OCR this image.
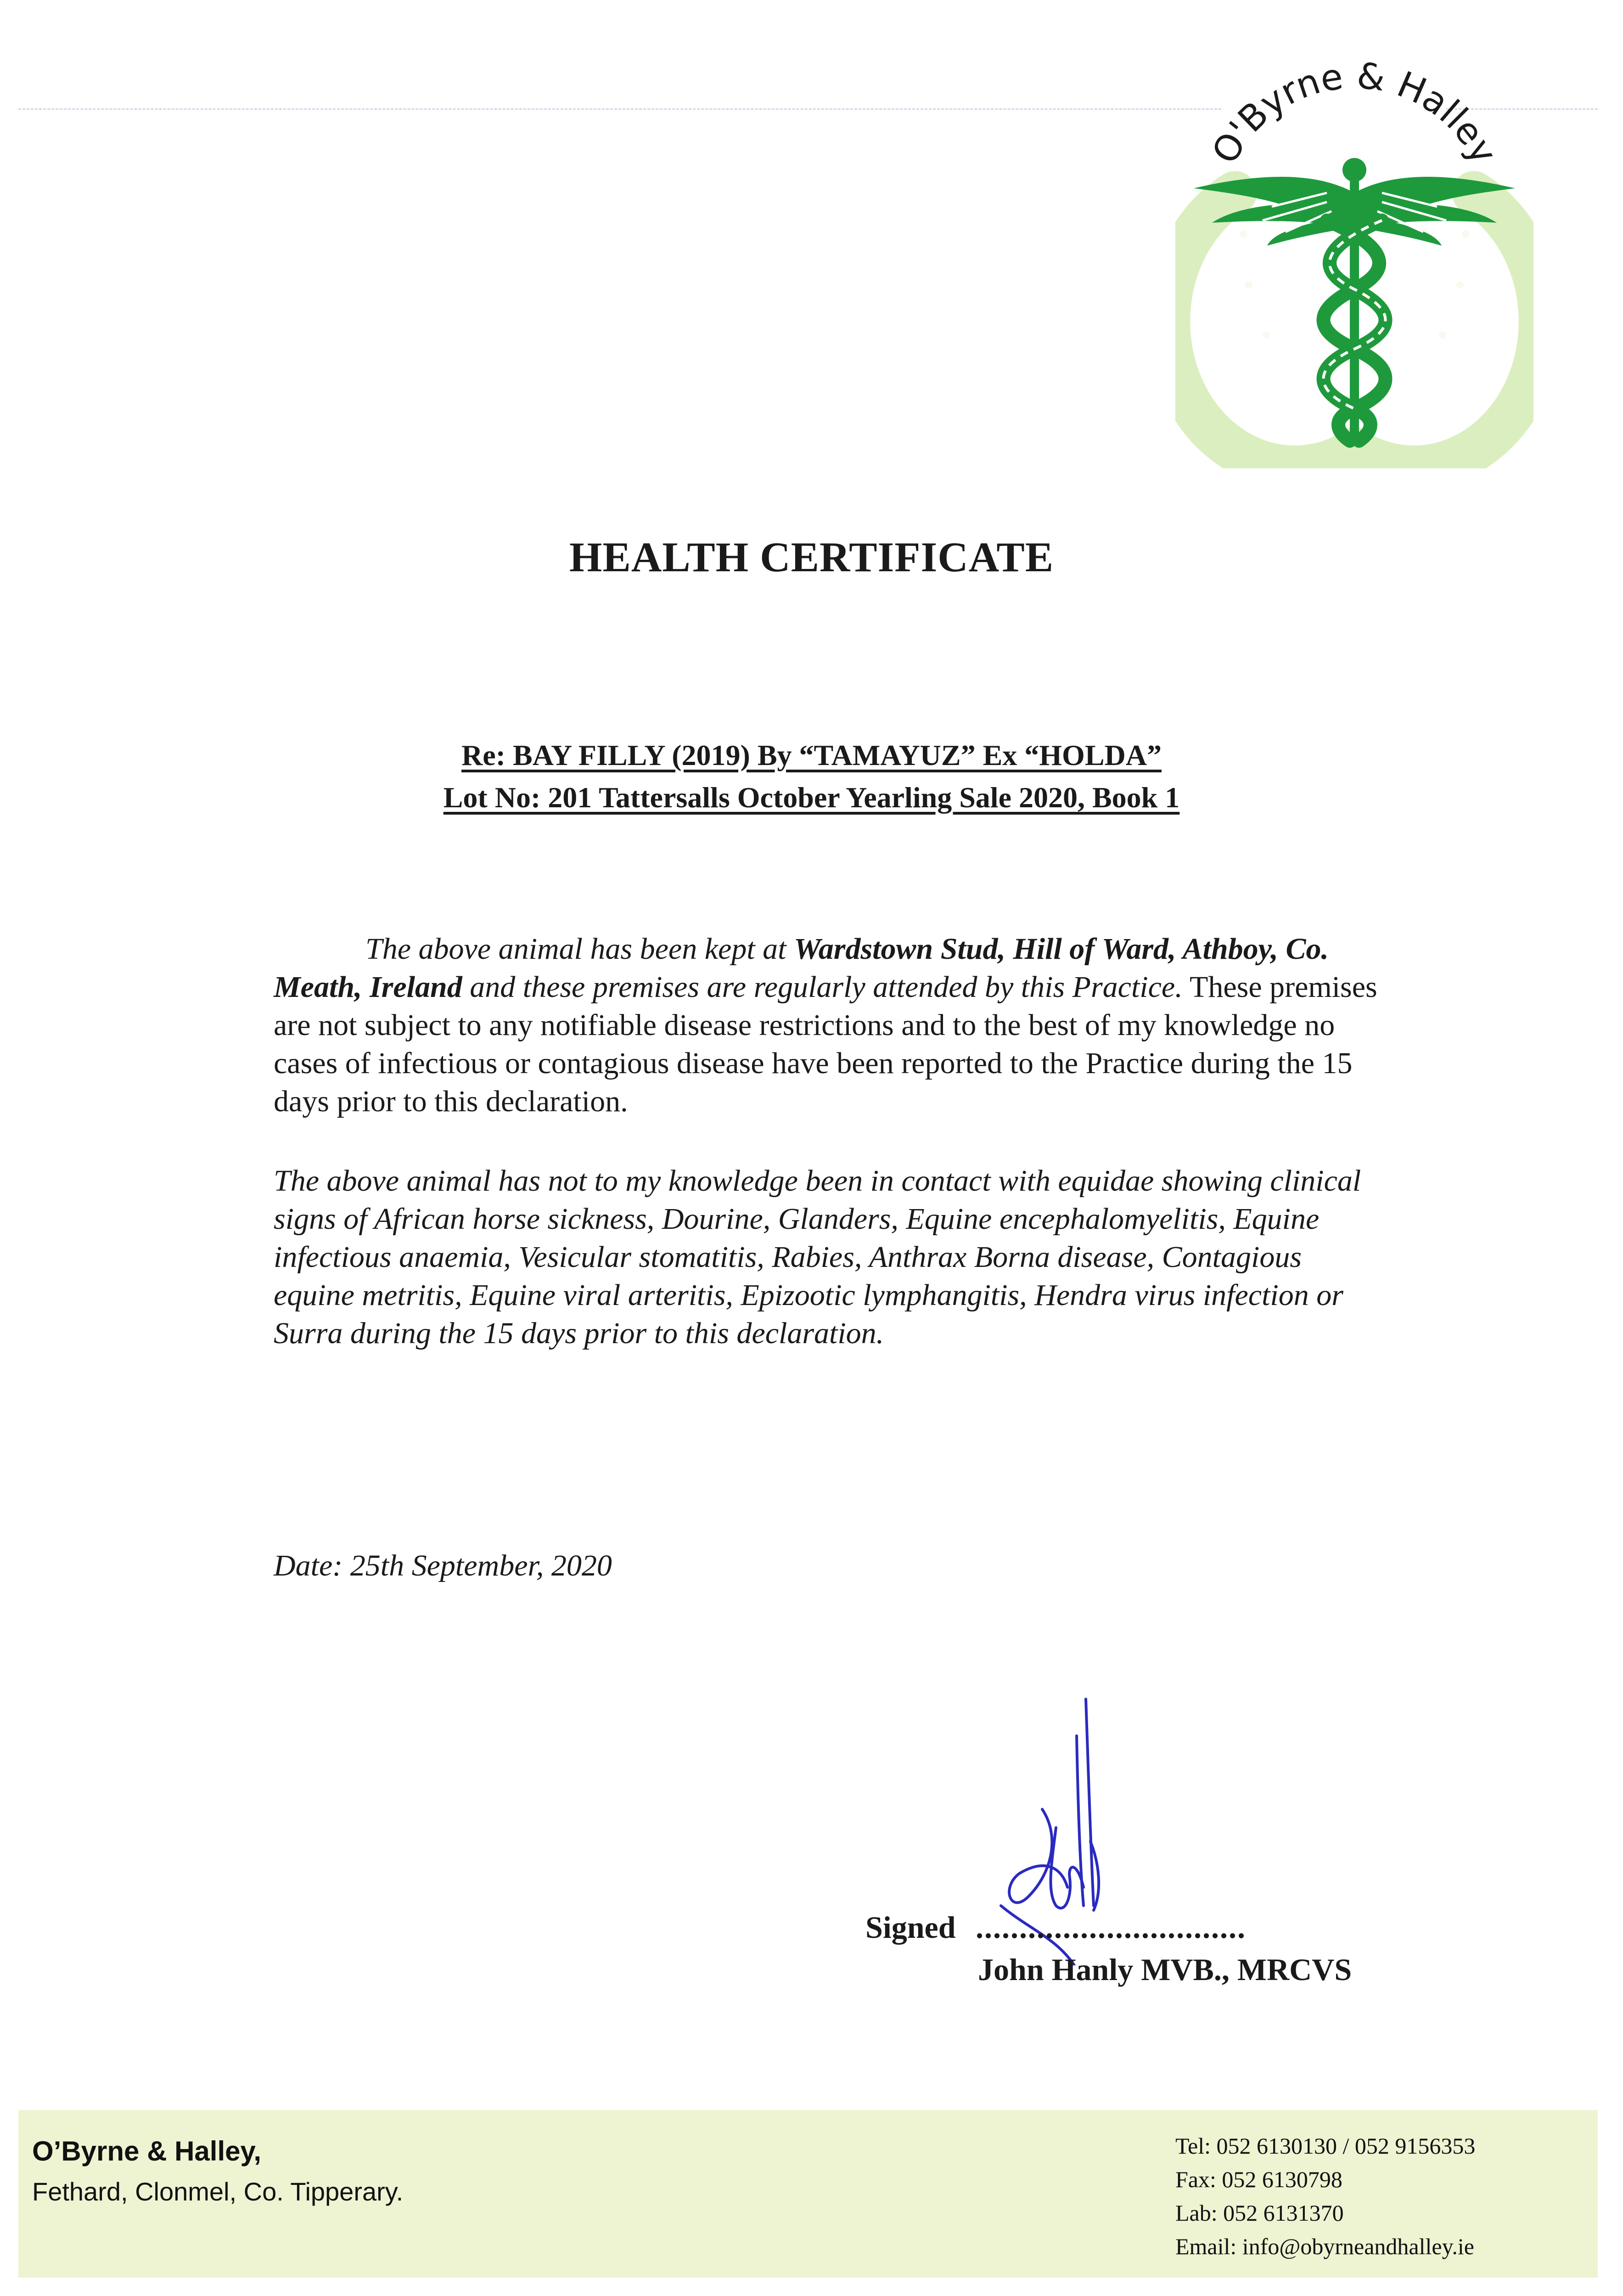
O'Byrne & Halley
HEALTH CERTIFICATE
Re: BAY FILLY (2019) By “TAMAYUZ” Ex “HOLDA”
Lot No: 201 Tattersalls October Yearling Sale 2020, Book 1

The above animal has been kept at Wardstown Stud, Hill of Ward, Athboy, Co. Meath, Ireland and these premises are regularly attended by this Practice. These premises are not subject to any notifiable disease restrictions and to the best of my knowledge no cases of infectious or contagious disease have been reported to the Practice during the 15 days prior to this declaration.

The above animal has not to my knowledge been in contact with equidae showing clinical signs of African horse sickness, Dourine, Glanders, Equine encephalomyelitis, Equine infectious anaemia, Vesicular stomatitis, Rabies, Anthrax Borna disease, Contagious equine metritis, Equine viral arteritis, Epizootic lymphangitis, Hendra virus infection or Surra during the 15 days prior to this declaration.

Date: 25th September, 2020
Signed ...............................
John Hanly MVB., MRCVS
O’Byrne & Halley,
Fethard, Clonmel, Co. Tipperary.
Tel: 052 6130130 / 052 9156353
Fax: 052 6130798
Lab: 052 6131370
Email: info@obyrneandhalley.ie
